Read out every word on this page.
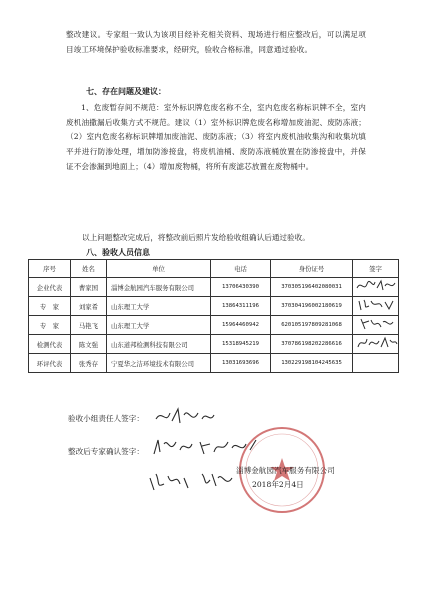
整改建议。专家组一致认为该项目经补充相关资料、现场进行相应整改后，可以满足项目竣工环境保护验收标准要求，经研究，验收合格标准，同意通过验收。
七、存在问题及建议：
1、危废暂存间不规范：室外标识牌危废名称不全，室内危废名称标识牌不全，室内废机油撒漏后收集方式不规范。建议（1）室外标识牌危废名称增加废油泥、废防冻液；（2）室内危废名称标识牌增加废油泥、废防冻液；（3）将室内废机油收集沟和收集坑填平并进行防渗处理，增加防渗接盘，将废机油桶、废防冻液桶放置在防渗接盘中，并保证不会渗漏到地面上；（4）增加废物桶，将所有废滤芯放置在废物桶中。
以上问题整改完成后，将整改前后照片发给验收组确认后通过验收。
八、验收人员信息
序号	姓名	单位	电话	身份证号	签字
企业代表	曹家国	淄博金航园汽车服务有限公司	13706430390	370305196402080031	
专　家	刘家希	山东理工大学	13864311196	370304196002180619	
专　家	马艳飞	山东理工大学	15964460942	620105197809281068	
检测代表	陈文强	山东道邦检测科技有限公司	15318945219	370786198202286616	
环评代表	张秀存	宁夏华之洁环境技术有限公司	13031693696	130229198104245635	
验收小组责任人签字：
整改后专家确认签字：
淄博金航园汽车服务有限公司
2018年2月4日
